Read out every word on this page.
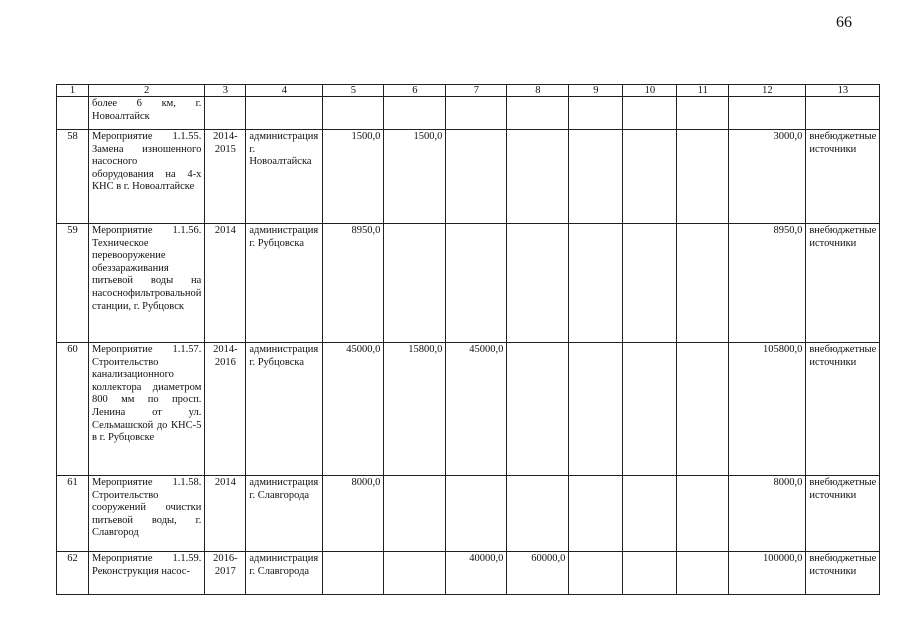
66
1	2	3	4	5	6	7	8	9	10	11	12	13
	более 6 км, г. Новоалтайск											
58	Мероприятие 1.1.55. Замена изношенного насосного оборудования на 4-х КНС в г. Новоалтайске	2014-2015	администрация г. Новоалтайска	1500,0	1500,0						3000,0	внебюджетные источники
59	Мероприятие 1.1.56. Техническое перевооружение обеззараживания питьевой воды на насоснофильтровальной станции, г. Рубцовск	2014	администрация г. Рубцовска	8950,0							8950,0	внебюджетные источники
60	Мероприятие 1.1.57. Строительство канализационного коллектора диаметром 800 мм по просп. Ленина от ул. Сельмашской до КНС-5 в г. Рубцовске	2014-2016	администрация г. Рубцовска	45000,0	15800,0	45000,0					105800,0	внебюджетные источники
61	Мероприятие 1.1.58. Строительство сооружений очистки питьевой воды, г. Славгород	2014	администрация г. Славгорода	8000,0							8000,0	внебюджетные источники
62	Мероприятие 1.1.59. Реконструкция насос-	2016-2017	администрация г. Славгорода			40000,0	60000,0				100000,0	внебюджетные источники
